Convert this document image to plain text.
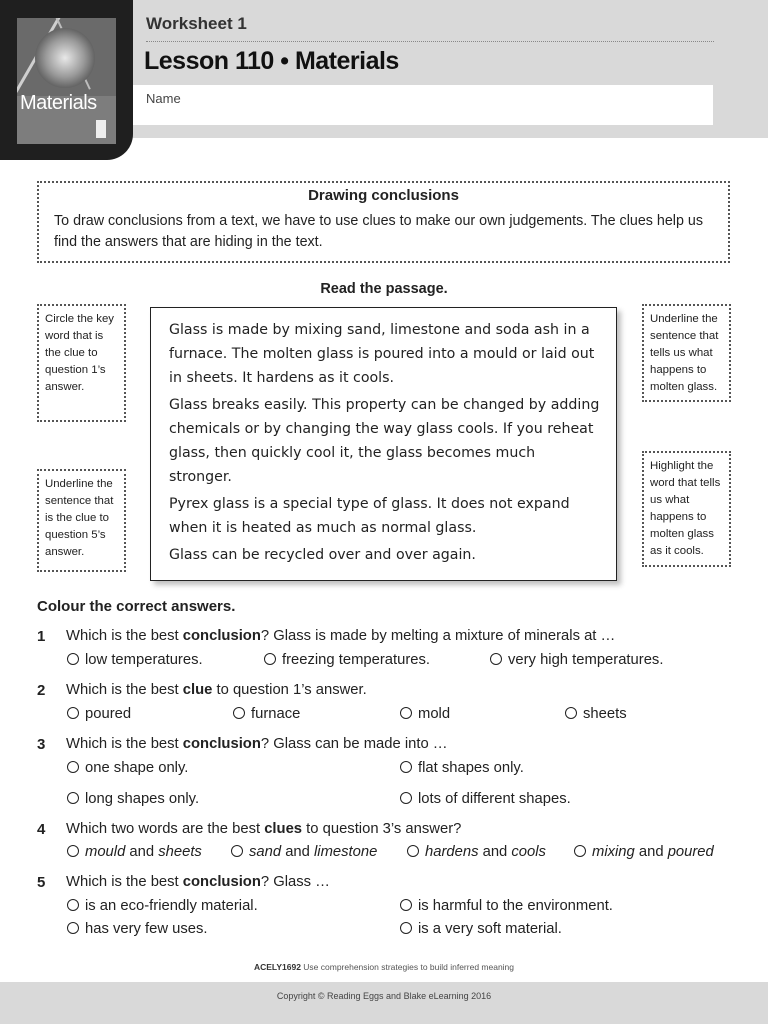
Materials
Worksheet 1
Lesson 110 • Materials
Name
Drawing conclusions
To draw conclusions from a text, we have to use clues to make our own judgements. The clues help us find the answers that are hiding in the text.
Read the passage.
Circle the key word that is the clue to question 1’s answer.
Underline the sentence that is the clue to question 5’s answer.
Underline the sentence that tells us what happens to molten glass.
Highlight the word that tells us what happens to molten glass as it cools.

Glass is made by mixing sand, limestone and soda ash in a furnace. The molten glass is poured into a mould or laid out in sheets. It hardens as it cools.

Glass breaks easily. This property can be changed by adding chemicals or by changing the way glass cools. If you reheat glass, then quickly cool it, the glass becomes much stronger.

Pyrex glass is a special type of glass. It does not expand when it is heated as much as normal glass.

Glass can be recycled over and over again.

Colour the correct answers.
1 Which is the best conclusion? Glass is made by melting a mixture of minerals at …
low temperatures.	freezing temperatures.	very high temperatures.
2 Which is the best clue to question 1’s answer.
poured	furnace	mold	sheets
3 Which is the best conclusion? Glass can be made into …
one shape only.	flat shapes only.
long shapes only.	lots of different shapes.
4 Which two words are the best clues to question 3’s answer?
mould and sheets	sand and limestone	hardens and cools	mixing and poured
5 Which is the best conclusion? Glass …
is an eco-friendly material.	is harmful to the environment.
has very few uses.	is a very soft material.
ACELY1692 Use comprehension strategies to build inferred meaning
Copyright © Reading Eggs and Blake eLearning 2016
